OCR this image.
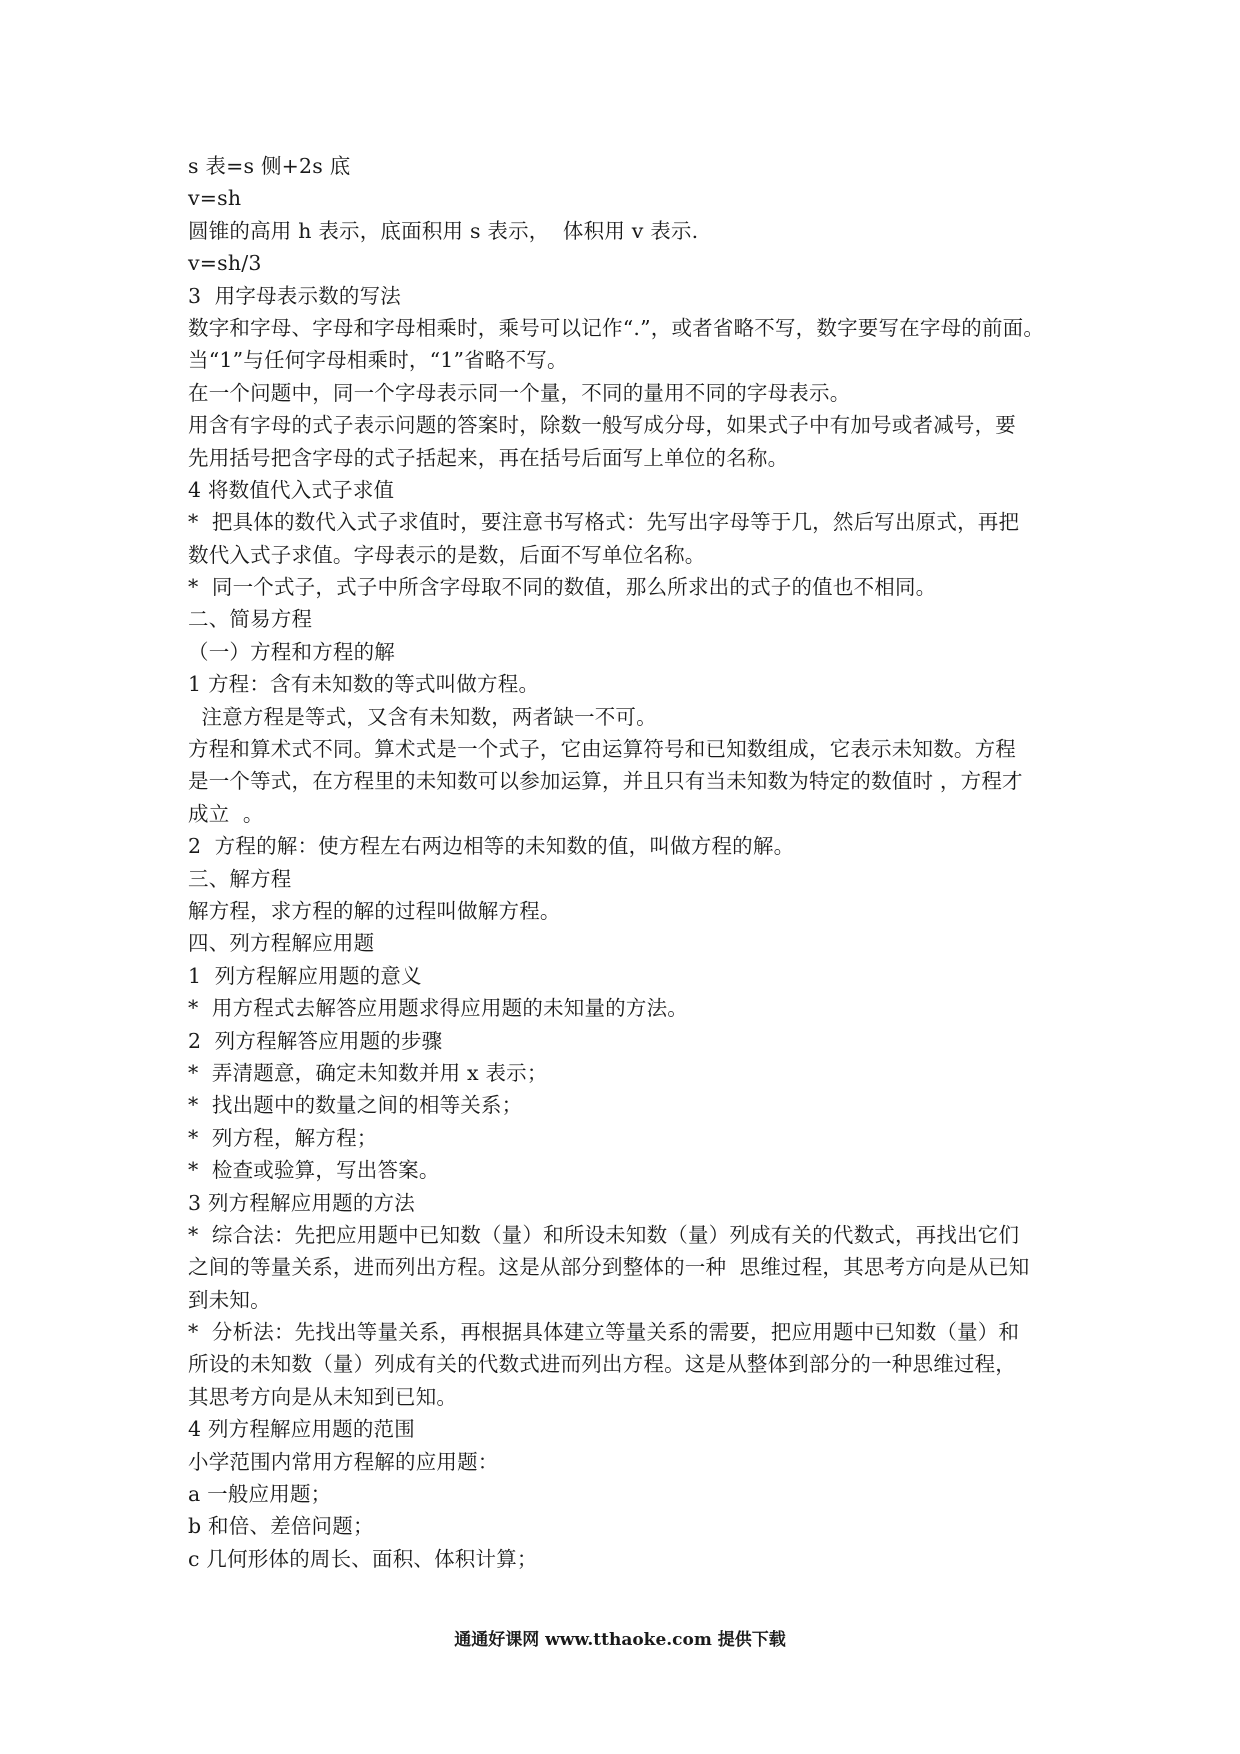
s 表=s 侧+2s 底
v=sh
圆锥的高用 h 表示，底面积用 s 表示，  体积用 v 表示.
v=sh/3
3  用字母表示数的写法
数字和字母、字母和字母相乘时，乘号可以记作“.”，或者省略不写，数字要写在字母的前面。
当“1”与任何字母相乘时，“1”省略不写。
在一个问题中，同一个字母表示同一个量，不同的量用不同的字母表示。
用含有字母的式子表示问题的答案时，除数一般写成分母，如果式子中有加号或者减号，要
先用括号把含字母的式子括起来，再在括号后面写上单位的名称。
4 将数值代入式子求值
*  把具体的数代入式子求值时，要注意书写格式：先写出字母等于几，然后写出原式，再把
数代入式子求值。字母表示的是数，后面不写单位名称。
*  同一个式子，式子中所含字母取不同的数值，那么所求出的式子的值也不相同。
二、简易方程
（一）方程和方程的解
1 方程：含有未知数的等式叫做方程。
注意方程是等式，又含有未知数，两者缺一不可。
方程和算术式不同。算术式是一个式子，它由运算符号和已知数组成，它表示未知数。方程
是一个等式，在方程里的未知数可以参加运算，并且只有当未知数为特定的数值时 ，方程才
成立  。
2  方程的解：使方程左右两边相等的未知数的值，叫做方程的解。
三、解方程
解方程，求方程的解的过程叫做解方程。
四、列方程解应用题
1  列方程解应用题的意义
*  用方程式去解答应用题求得应用题的未知量的方法。
2  列方程解答应用题的步骤
*  弄清题意，确定未知数并用 x 表示；
*  找出题中的数量之间的相等关系；
*  列方程，解方程；
*  检查或验算，写出答案。
3 列方程解应用题的方法
*  综合法：先把应用题中已知数（量）和所设未知数（量）列成有关的代数式，再找出它们
之间的等量关系，进而列出方程。这是从部分到整体的一种  思维过程，其思考方向是从已知
到未知。
*  分析法：先找出等量关系，再根据具体建立等量关系的需要，把应用题中已知数（量）和
所设的未知数（量）列成有关的代数式进而列出方程。这是从整体到部分的一种思维过程，
其思考方向是从未知到已知。
4 列方程解应用题的范围
小学范围内常用方程解的应用题：
a 一般应用题；
b 和倍、差倍问题；
c 几何形体的周长、面积、体积计算；
通通好课网 www.tthaoke.com 提供下载
